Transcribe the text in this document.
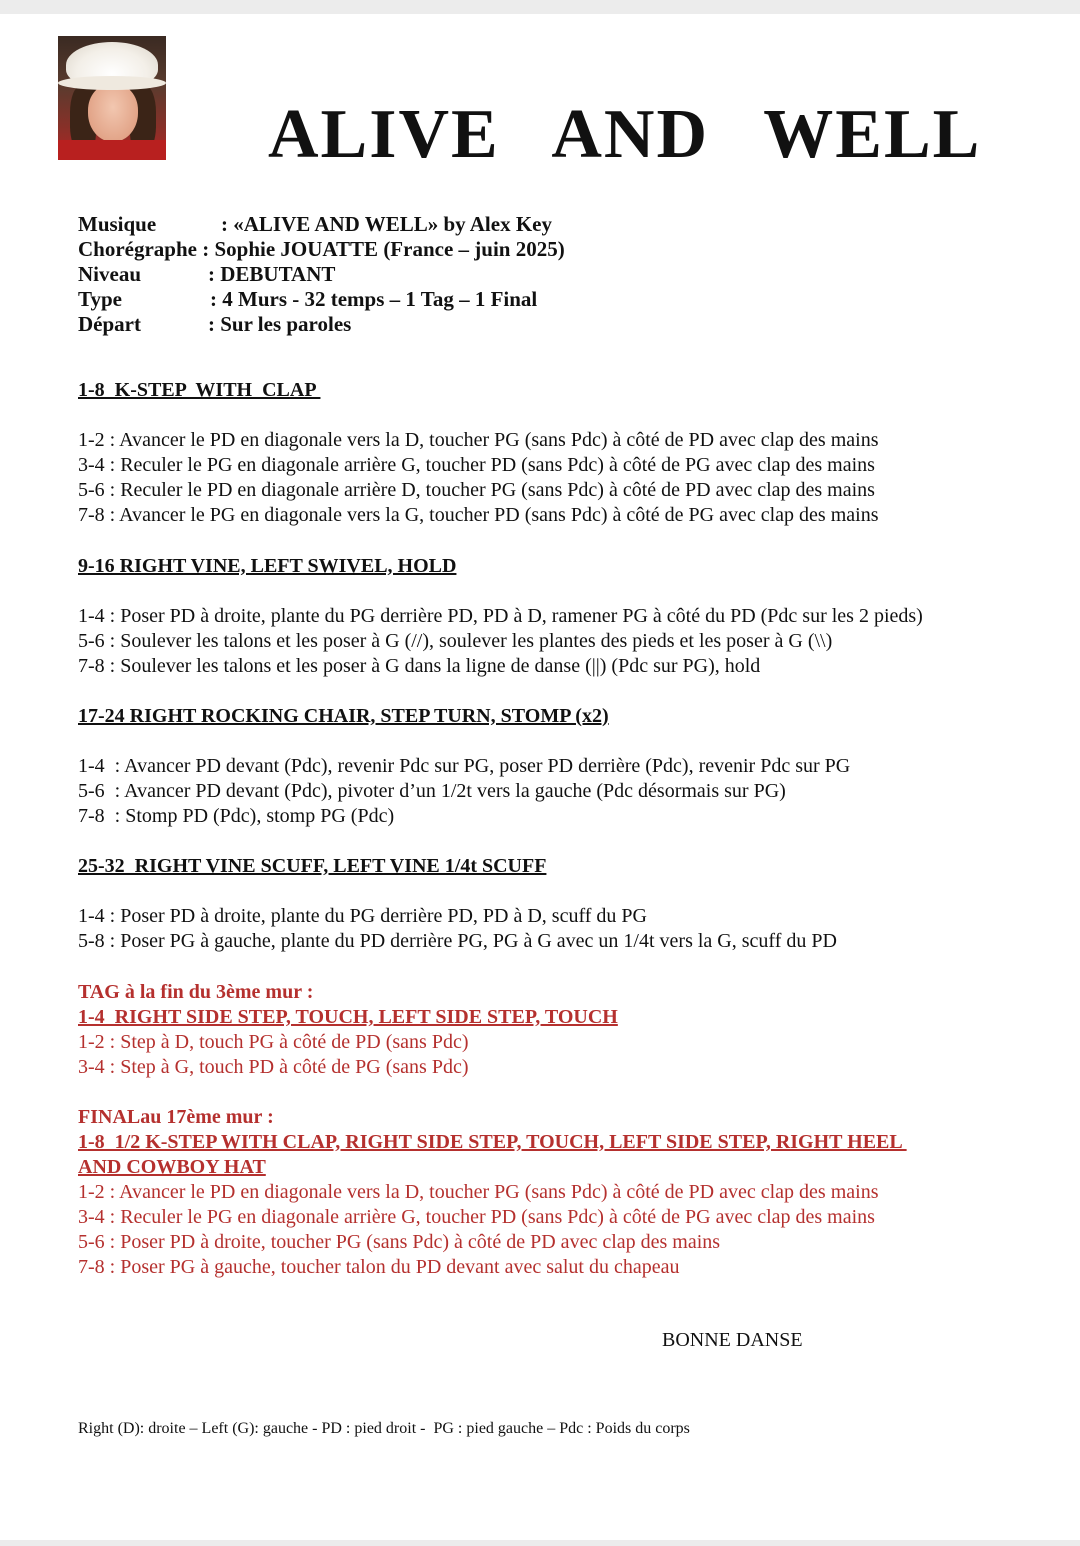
ALIVE AND WELL
Musique	: «ALIVE AND WELL» by Alex Key
Chorégraphe : Sophie JOUATTE (France – juin 2025)
Niveau	: DEBUTANT
Type	: 4 Murs - 32 temps – 1 Tag – 1 Final
Départ	: Sur les paroles
1-8  K-STEP  WITH  CLAP
1-2 : Avancer le PD en diagonale vers la D, toucher PG (sans Pdc) à côté de PD avec clap des mains
3-4 : Reculer le PG en diagonale arrière G, toucher PD (sans Pdc) à côté de PG avec clap des mains
5-6 : Reculer le PD en diagonale arrière D, toucher PG (sans Pdc) à côté de PD avec clap des mains
7-8 : Avancer le PG en diagonale vers la G, toucher PD (sans Pdc) à côté de PG avec clap des mains
9-16 RIGHT VINE, LEFT SWIVEL, HOLD
1-4 : Poser PD à droite, plante du PG derrière PD, PD à D, ramener PG à côté du PD (Pdc sur les 2 pieds)
5-6 : Soulever les talons et les poser à G (//), soulever les plantes des pieds et les poser à G (\\)
7-8 : Soulever les talons et les poser à G dans la ligne de danse (||) (Pdc sur PG), hold
17-24 RIGHT ROCKING CHAIR, STEP TURN, STOMP (x2)
1-4  : Avancer PD devant (Pdc), revenir Pdc sur PG, poser PD derrière (Pdc), revenir Pdc sur PG
5-6  : Avancer PD devant (Pdc), pivoter d’un 1/2t vers la gauche (Pdc désormais sur PG)
7-8  : Stomp PD (Pdc), stomp PG (Pdc)
25-32  RIGHT VINE SCUFF, LEFT VINE 1/4t SCUFF
1-4 : Poser PD à droite, plante du PG derrière PD, PD à D, scuff du PG
5-8 : Poser PG à gauche, plante du PD derrière PG, PG à G avec un 1/4t vers la G, scuff du PD
TAG à la fin du 3ème mur :
1-4  RIGHT SIDE STEP, TOUCH, LEFT SIDE STEP, TOUCH
1-2 : Step à D, touch PG à côté de PD (sans Pdc)
3-4 : Step à G, touch PD à côté de PG (sans Pdc)
FINALau 17ème mur :
1-8  1/2 K-STEP WITH CLAP, RIGHT SIDE STEP, TOUCH, LEFT SIDE STEP, RIGHT HEEL
AND COWBOY HAT
1-2 : Avancer le PD en diagonale vers la D, toucher PG (sans Pdc) à côté de PD avec clap des mains
3-4 : Reculer le PG en diagonale arrière G, toucher PD (sans Pdc) à côté de PG avec clap des mains
5-6 : Poser PD à droite, toucher PG (sans Pdc) à côté de PD avec clap des mains
7-8 : Poser PG à gauche, toucher talon du PD devant avec salut du chapeau
BONNE DANSE
Right (D): droite – Left (G): gauche - PD : pied droit -  PG : pied gauche – Pdc : Poids du corps
